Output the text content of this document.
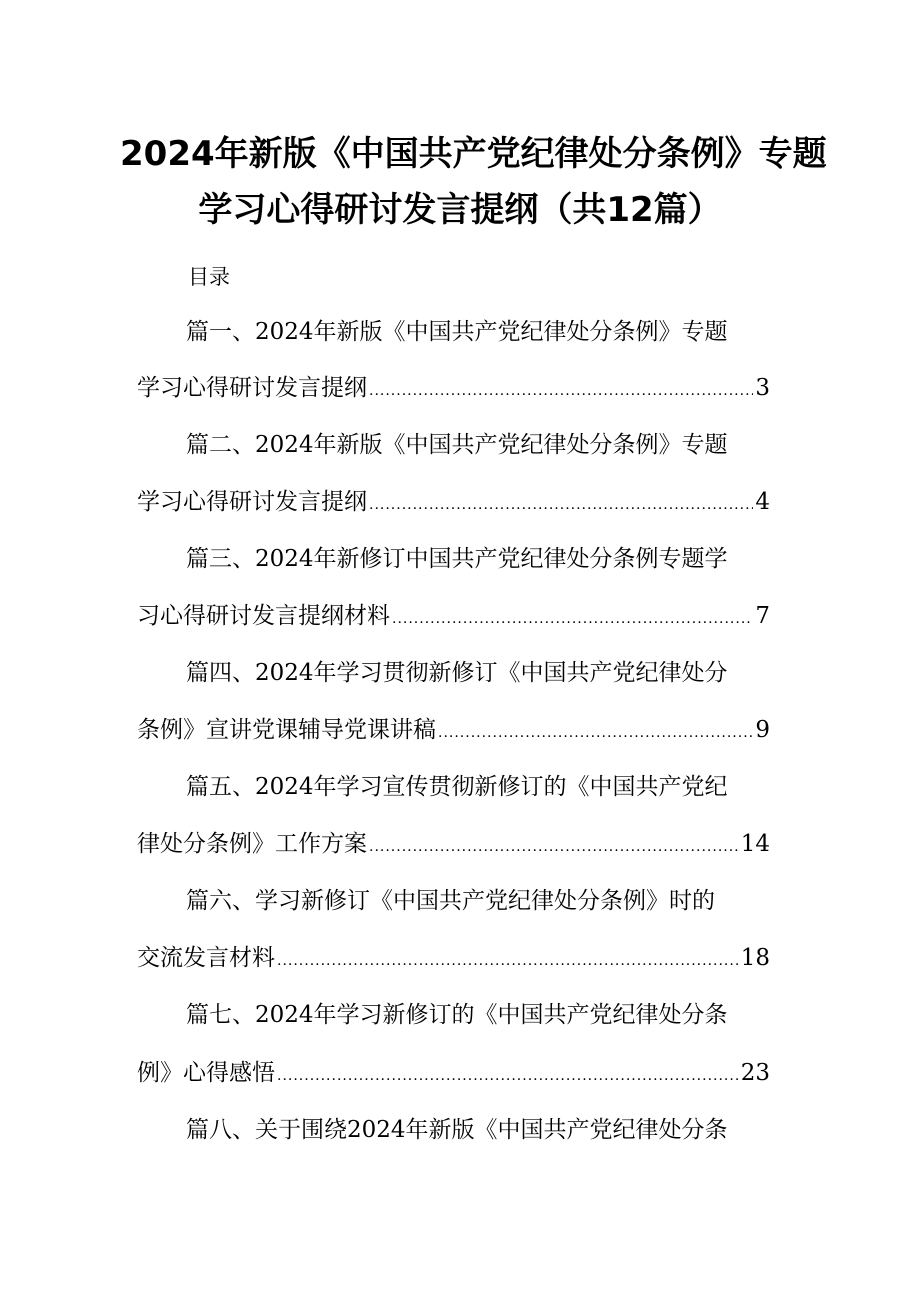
2024年新版《中国共产党纪律处分条例》专题
学习心得研讨发言提纲（共12篇）
目录
篇一、2024年新版《中国共产党纪律处分条例》专题
学习心得研讨发言提纲 .....	3
篇二、2024年新版《中国共产党纪律处分条例》专题
学习心得研讨发言提纲 .....	4
篇三、2024年新修订中国共产党纪律处分条例专题学
习心得研讨发言提纲材料 .....	7
篇四、2024年学习贯彻新修订《中国共产党纪律处分
条例》宣讲党课辅导党课讲稿 .....	9
篇五、2024年学习宣传贯彻新修订的《中国共产党纪
律处分条例》工作方案 .....	14
篇六、学习新修订《中国共产党纪律处分条例》时的
交流发言材料 .....	18
篇七、2024年学习新修订的《中国共产党纪律处分条
例》心得感悟 .....	23
篇八、关于围绕2024年新版《中国共产党纪律处分条
